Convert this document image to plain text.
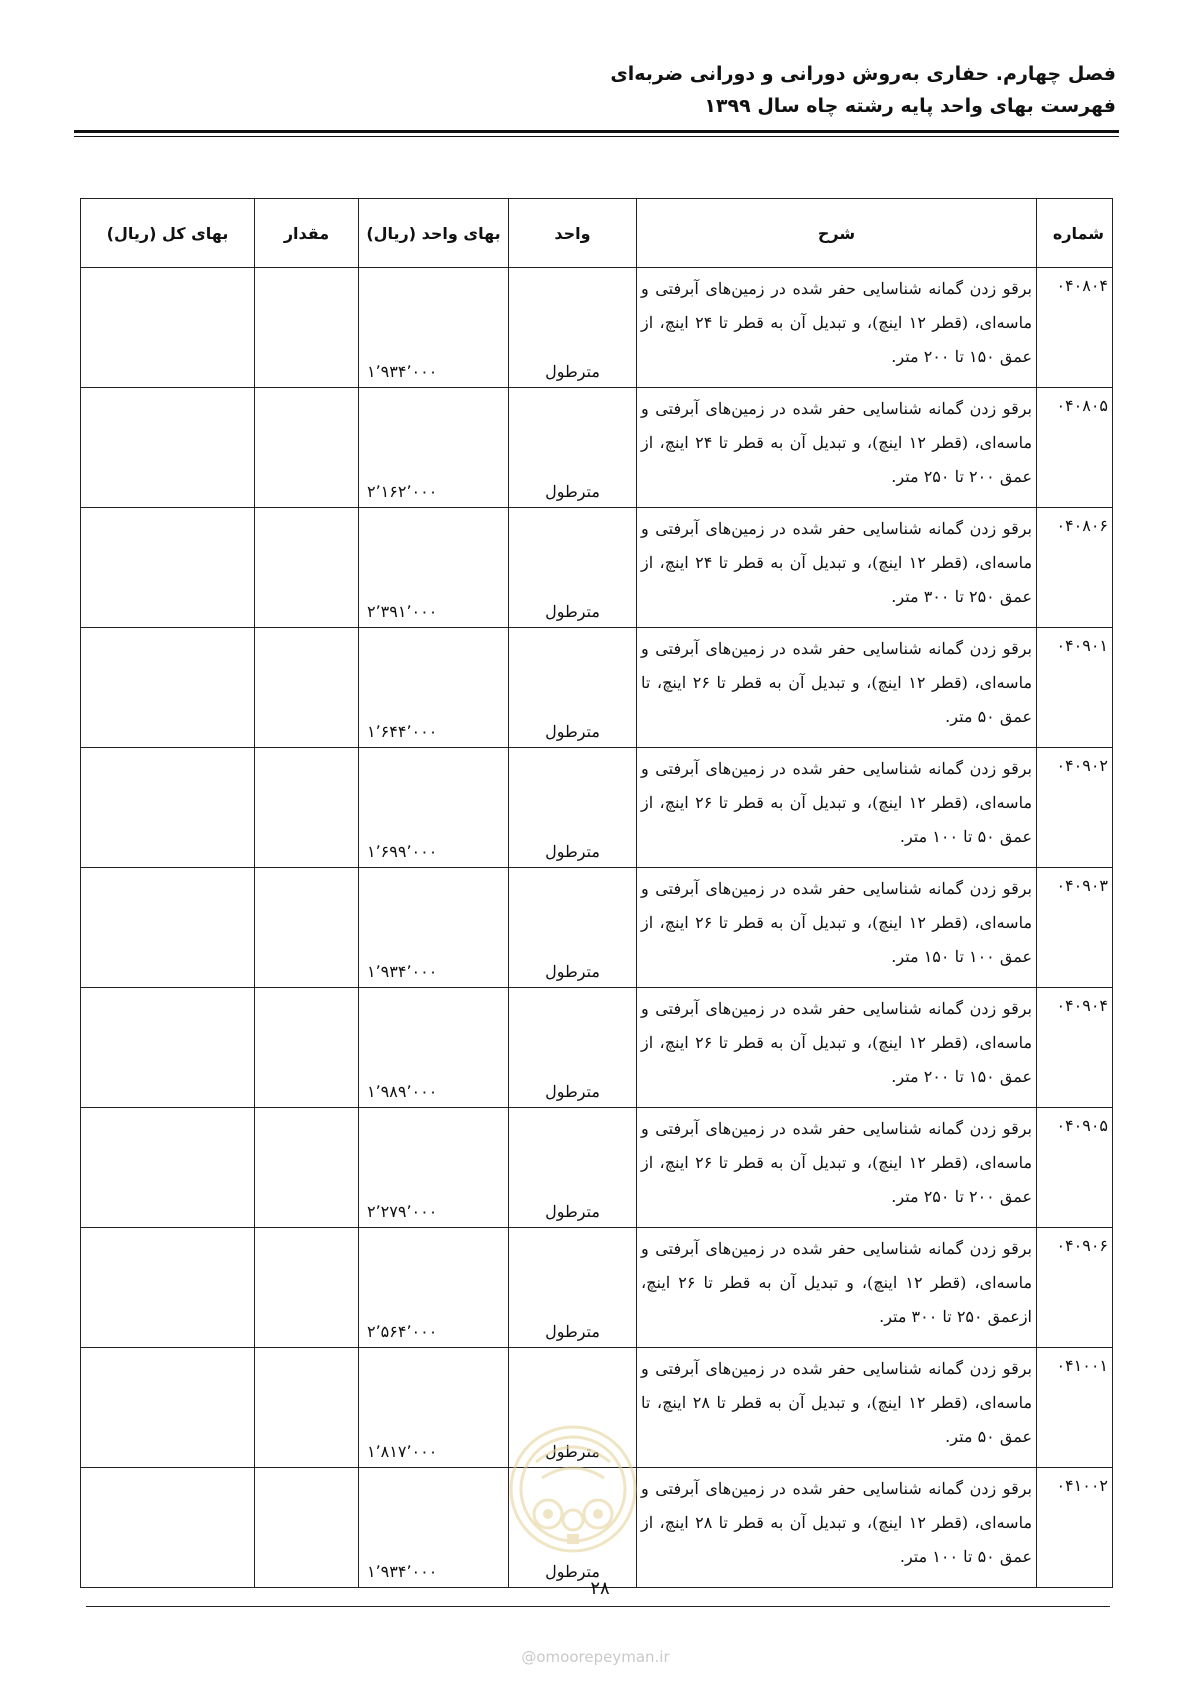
فصل چهارم. حفاری به‌روش دورانی و دورانی ضربه‌ای
فهرست بهای واحد پایه رشته چاه سال ۱۳۹۹
شماره	شرح	واحد	بهای واحد (ریال)	مقدار	بهای کل (ریال)
۰۴۰۸۰۴	برقو زدن گمانه شناسایی حفر شده در زمین‌های آبرفتی و ماسه‌ای، (قطر ۱۲ اینچ)، و تبدیل آن به قطر تا ۲۴ اینچ، از عمق ۱۵۰ تا ۲۰۰ متر.	مترطول	۱٬۹۳۴٬۰۰۰		
۰۴۰۸۰۵	برقو زدن گمانه شناسایی حفر شده در زمین‌های آبرفتی و ماسه‌ای، (قطر ۱۲ اینچ)، و تبدیل آن به قطر تا ۲۴ اینچ، از عمق ۲۰۰ تا ۲۵۰ متر.	مترطول	۲٬۱۶۲٬۰۰۰		
۰۴۰۸۰۶	برقو زدن گمانه شناسایی حفر شده در زمین‌های آبرفتی و ماسه‌ای، (قطر ۱۲ اینچ)، و تبدیل آن به قطر تا ۲۴ اینچ، از عمق ۲۵۰ تا ۳۰۰ متر.	مترطول	۲٬۳۹۱٬۰۰۰		
۰۴۰۹۰۱	برقو زدن گمانه شناسایی حفر شده در زمین‌های آبرفتی و ماسه‌ای، (قطر ۱۲ اینچ)، و تبدیل آن به قطر تا ۲۶ اینچ، تا عمق ۵۰ متر.	مترطول	۱٬۶۴۴٬۰۰۰		
۰۴۰۹۰۲	برقو زدن گمانه شناسایی حفر شده در زمین‌های آبرفتی و ماسه‌ای، (قطر ۱۲ اینچ)، و تبدیل آن به قطر تا ۲۶ اینچ، از عمق ۵۰ تا ۱۰۰ متر.	مترطول	۱٬۶۹۹٬۰۰۰		
۰۴۰۹۰۳	برقو زدن گمانه شناسایی حفر شده در زمین‌های آبرفتی و ماسه‌ای، (قطر ۱۲ اینچ)، و تبدیل آن به قطر تا ۲۶ اینچ، از عمق ۱۰۰ تا ۱۵۰ متر.	مترطول	۱٬۹۳۴٬۰۰۰		
۰۴۰۹۰۴	برقو زدن گمانه شناسایی حفر شده در زمین‌های آبرفتی و ماسه‌ای، (قطر ۱۲ اینچ)، و تبدیل آن به قطر تا ۲۶ اینچ، از عمق ۱۵۰ تا ۲۰۰ متر.	مترطول	۱٬۹۸۹٬۰۰۰		
۰۴۰۹۰۵	برقو زدن گمانه شناسایی حفر شده در زمین‌های آبرفتی و ماسه‌ای، (قطر ۱۲ اینچ)، و تبدیل آن به قطر تا ۲۶ اینچ، از عمق ۲۰۰ تا ۲۵۰ متر.	مترطول	۲٬۲۷۹٬۰۰۰		
۰۴۰۹۰۶	برقو زدن گمانه شناسایی حفر شده در زمین‌های آبرفتی و ماسه‌ای، (قطر ۱۲ اینچ)، و تبدیل آن به قطر تا ۲۶ اینچ، ازعمق ۲۵۰ تا ۳۰۰ متر.	مترطول	۲٬۵۶۴٬۰۰۰		
۰۴۱۰۰۱	برقو زدن گمانه شناسایی حفر شده در زمین‌های آبرفتی و ماسه‌ای، (قطر ۱۲ اینچ)، و تبدیل آن به قطر تا ۲۸ اینچ، تا عمق ۵۰ متر.	مترطول	۱٬۸۱۷٬۰۰۰		
۰۴۱۰۰۲	برقو زدن گمانه شناسایی حفر شده در زمین‌های آبرفتی و ماسه‌ای، (قطر ۱۲ اینچ)، و تبدیل آن به قطر تا ۲۸ اینچ، از عمق ۵۰ تا ۱۰۰ متر.	مترطول	۱٬۹۳۴٬۰۰۰		
۲۸
@omoorepeyman.ir
